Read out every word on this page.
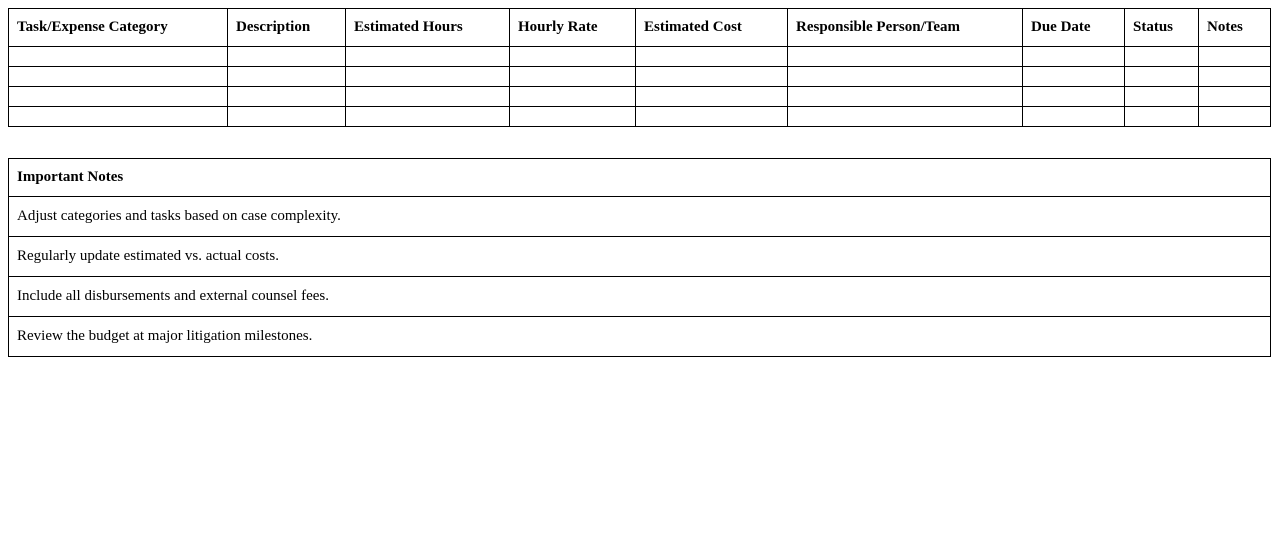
Task/Expense Category	Description	Estimated Hours	Hourly Rate	Estimated Cost	Responsible Person/Team	Due Date	Status	Notes

Important Notes
Adjust categories and tasks based on case complexity.
Regularly update estimated vs. actual costs.
Include all disbursements and external counsel fees.
Review the budget at major litigation milestones.
